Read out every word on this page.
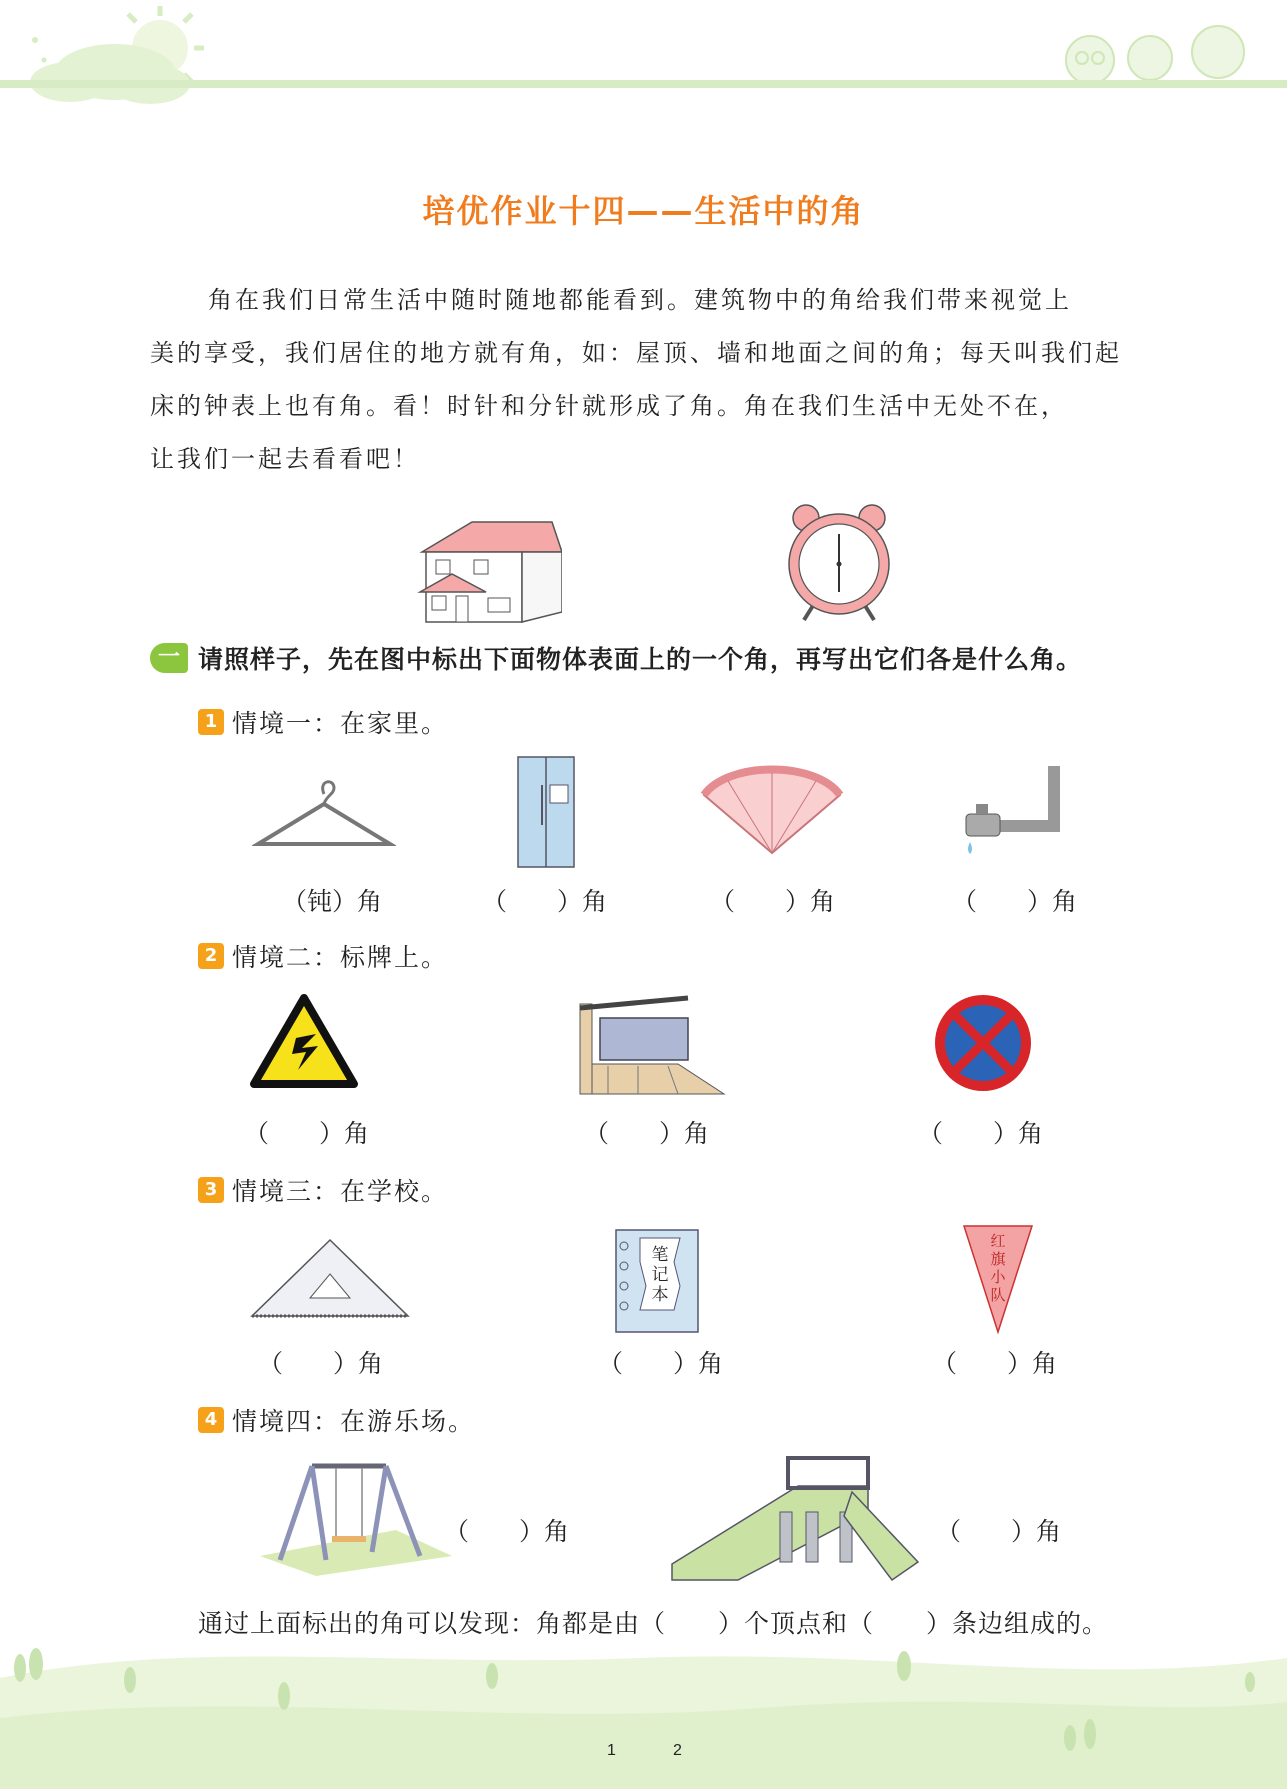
培优作业十四——生活中的角
角在我们日常生活中随时随地都能看到。建筑物中的角给我们带来视觉上
美的享受，我们居住的地方就有角，如：屋顶、墙和地面之间的角；每天叫我们起
床的钟表上也有角。看！时针和分针就形成了角。角在我们生活中无处不在，
让我们一起去看看吧！
一 请照样子，先在图中标出下面物体表面上的一个角，再写出它们各是什么角。
1 情境一：在家里。
（钝）角	（　　）角	（　　）角	（　　）角
2 情境二：标牌上。
（　　）角	（　　）角	（　　）角
3 情境三：在学校。
笔
记
本
红
旗
小
队
（　　）角	（　　）角	（　　）角
4 情境四：在游乐场。
（　　）角	（　　）角
通过上面标出的角可以发现：角都是由（　　）个顶点和（　　）条边组成的。
1	2
